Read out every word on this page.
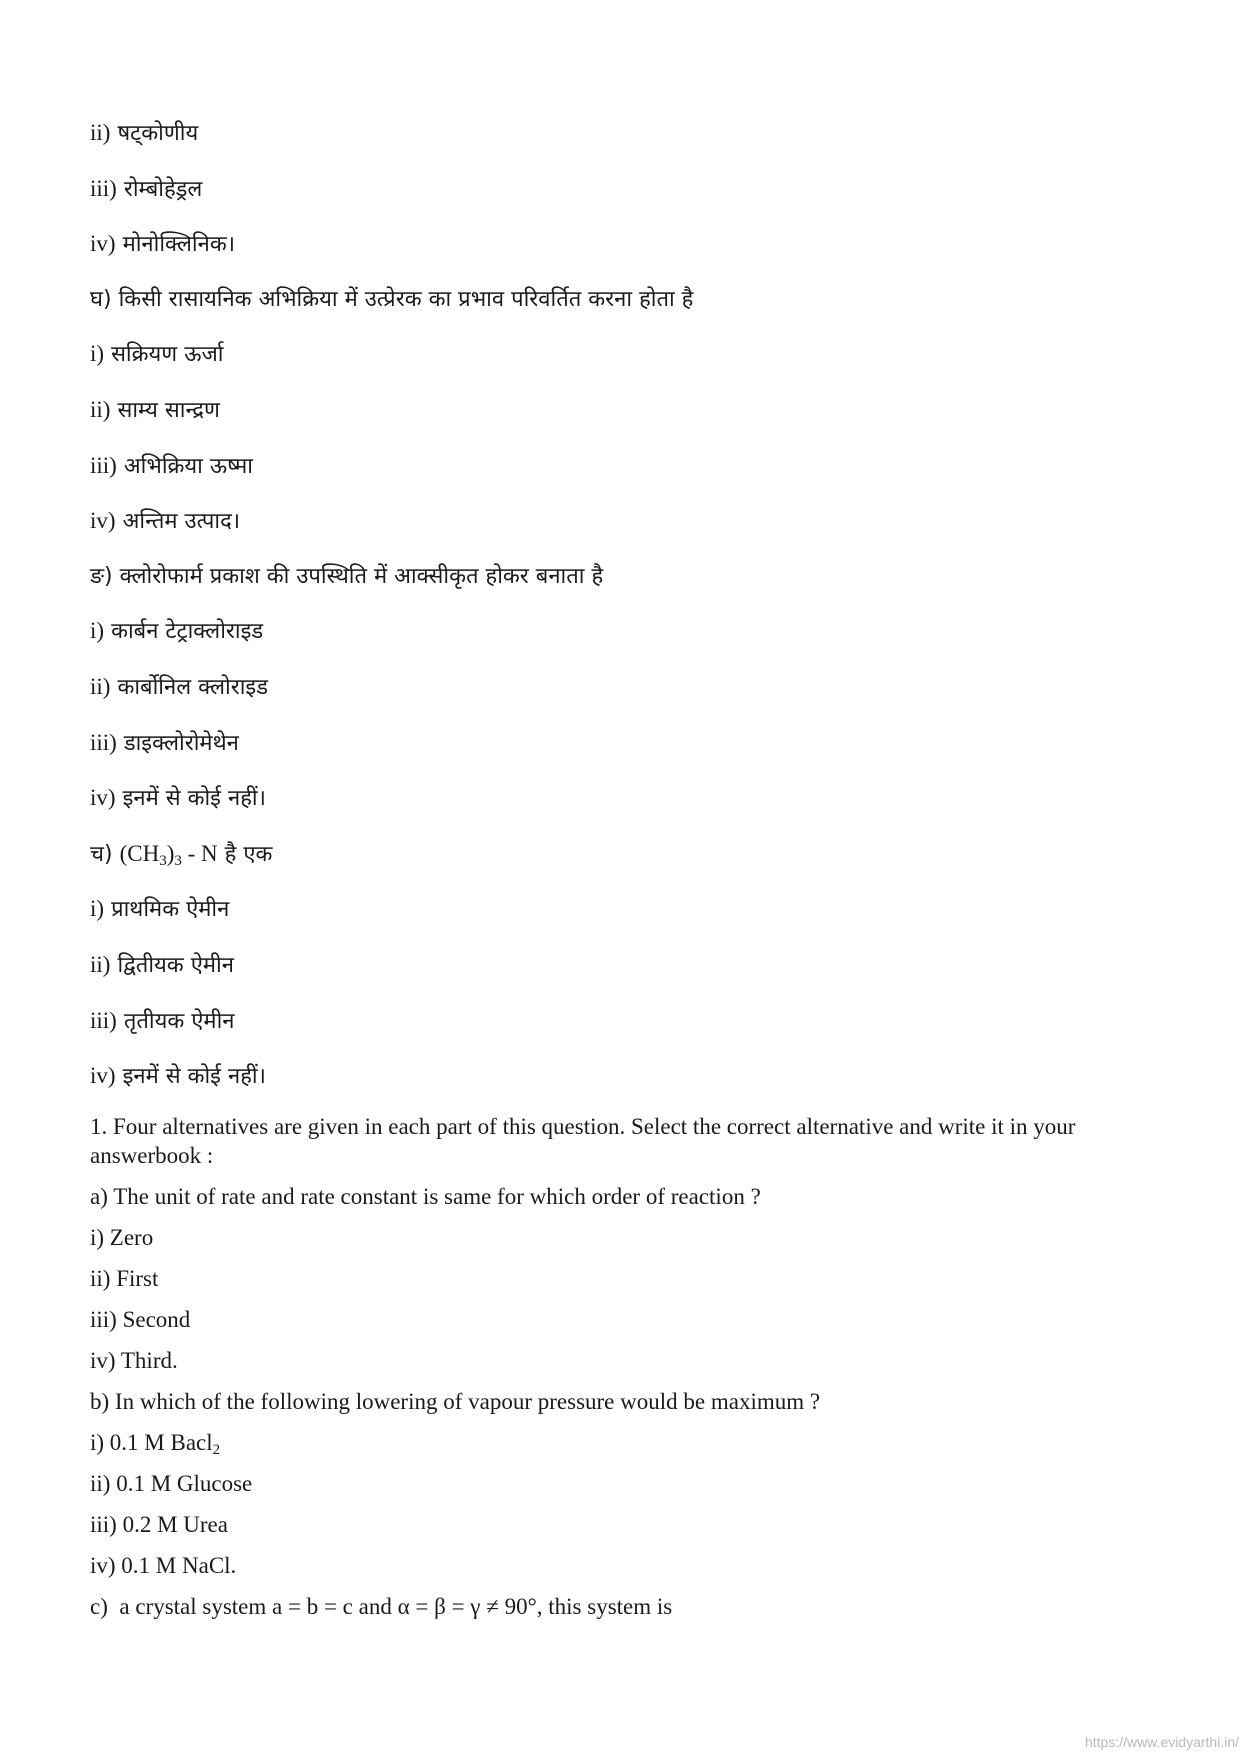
ii) षट्कोणीय
iii) रोम्बोहेड्रल
iv) मोनोक्लिनिक।
घ) किसी रासायनिक अभिक्रिया में उत्प्रेरक का प्रभाव परिवर्तित करना होता है
i) सक्रियण ऊर्जा
ii) साम्य सान्द्रण
iii) अभिक्रिया ऊष्मा
iv) अन्तिम उत्पाद।
ङ) क्लोरोफार्म प्रकाश की उपस्थिति में आक्सीकृत होकर बनाता है
i) कार्बन टेट्राक्लोराइड
ii) कार्बोनिल क्लोराइड
iii) डाइक्लोरोमेथेन
iv) इनमें से कोई नहीं।
च) $(CH_3)_3$ - N है एक
i) प्राथमिक ऐमीन
ii) द्वितीयक ऐमीन
iii) तृतीयक ऐमीन
iv) इनमें से कोई नहीं।
1. Four alternatives are given in each part of this question. Select the correct alternative and write it in your answerbook :
a) The unit of rate and rate constant is same for which order of reaction ?
i) Zero
ii) First
iii) Second
iv) Third.
b) In which of the following lowering of vapour pressure would be maximum ?
i) 0.1 M Bacl$_2$
ii) 0.1 M Glucose
iii) 0.2 M Urea
iv) 0.1 M NaCl.
c)  a crystal system a = b = c and α = β = γ ≠ 90°, this system is
https://www.evidyarthi.in/
